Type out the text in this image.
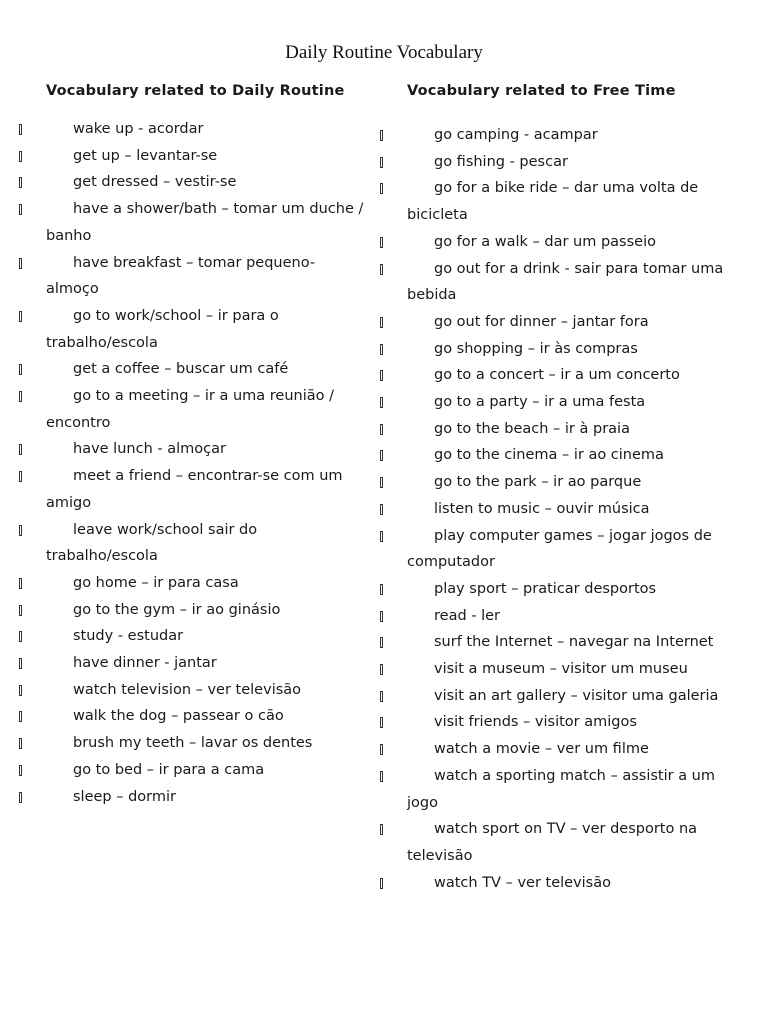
Daily Routine Vocabulary
Vocabulary related to Daily Routine
wake up - acordar
get up – levantar-se
get dressed – vestir-se
have a shower/bath – tomar um duche / banho
have breakfast – tomar pequeno-almoço
go to work/school – ir para o trabalho/escola
get a coffee – buscar um café
go to a meeting – ir a uma reunião / encontro
have lunch - almoçar
meet a friend – encontrar-se com um amigo
leave work/school sair do trabalho/escola
go home – ir para casa
go to the gym – ir ao ginásio
study - estudar
have dinner - jantar
watch television – ver televisão
walk the dog – passear o cão
brush my teeth – lavar os dentes
go to bed – ir para a cama
sleep – dormir
Vocabulary related to Free Time
go camping - acampar
go fishing - pescar
go for a bike ride – dar uma volta de bicicleta
go for a walk – dar um passeio
go out for a drink - sair para tomar uma bebida
go out for dinner – jantar fora
go shopping – ir às compras
go to a concert – ir a um concerto
go to a party – ir a uma festa
go to the beach – ir à praia
go to the cinema – ir ao cinema
go to the park – ir ao parque
listen to music – ouvir música
play computer games – jogar jogos de computador
play sport – praticar desportos
read - ler
surf the Internet – navegar na Internet
visit a museum – visitor um museu
visit an art gallery – visitor uma galeria
visit friends – visitor amigos
watch a movie – ver um filme
watch a sporting match – assistir a um jogo
watch sport on TV – ver desporto na televisão
watch TV – ver televisão
